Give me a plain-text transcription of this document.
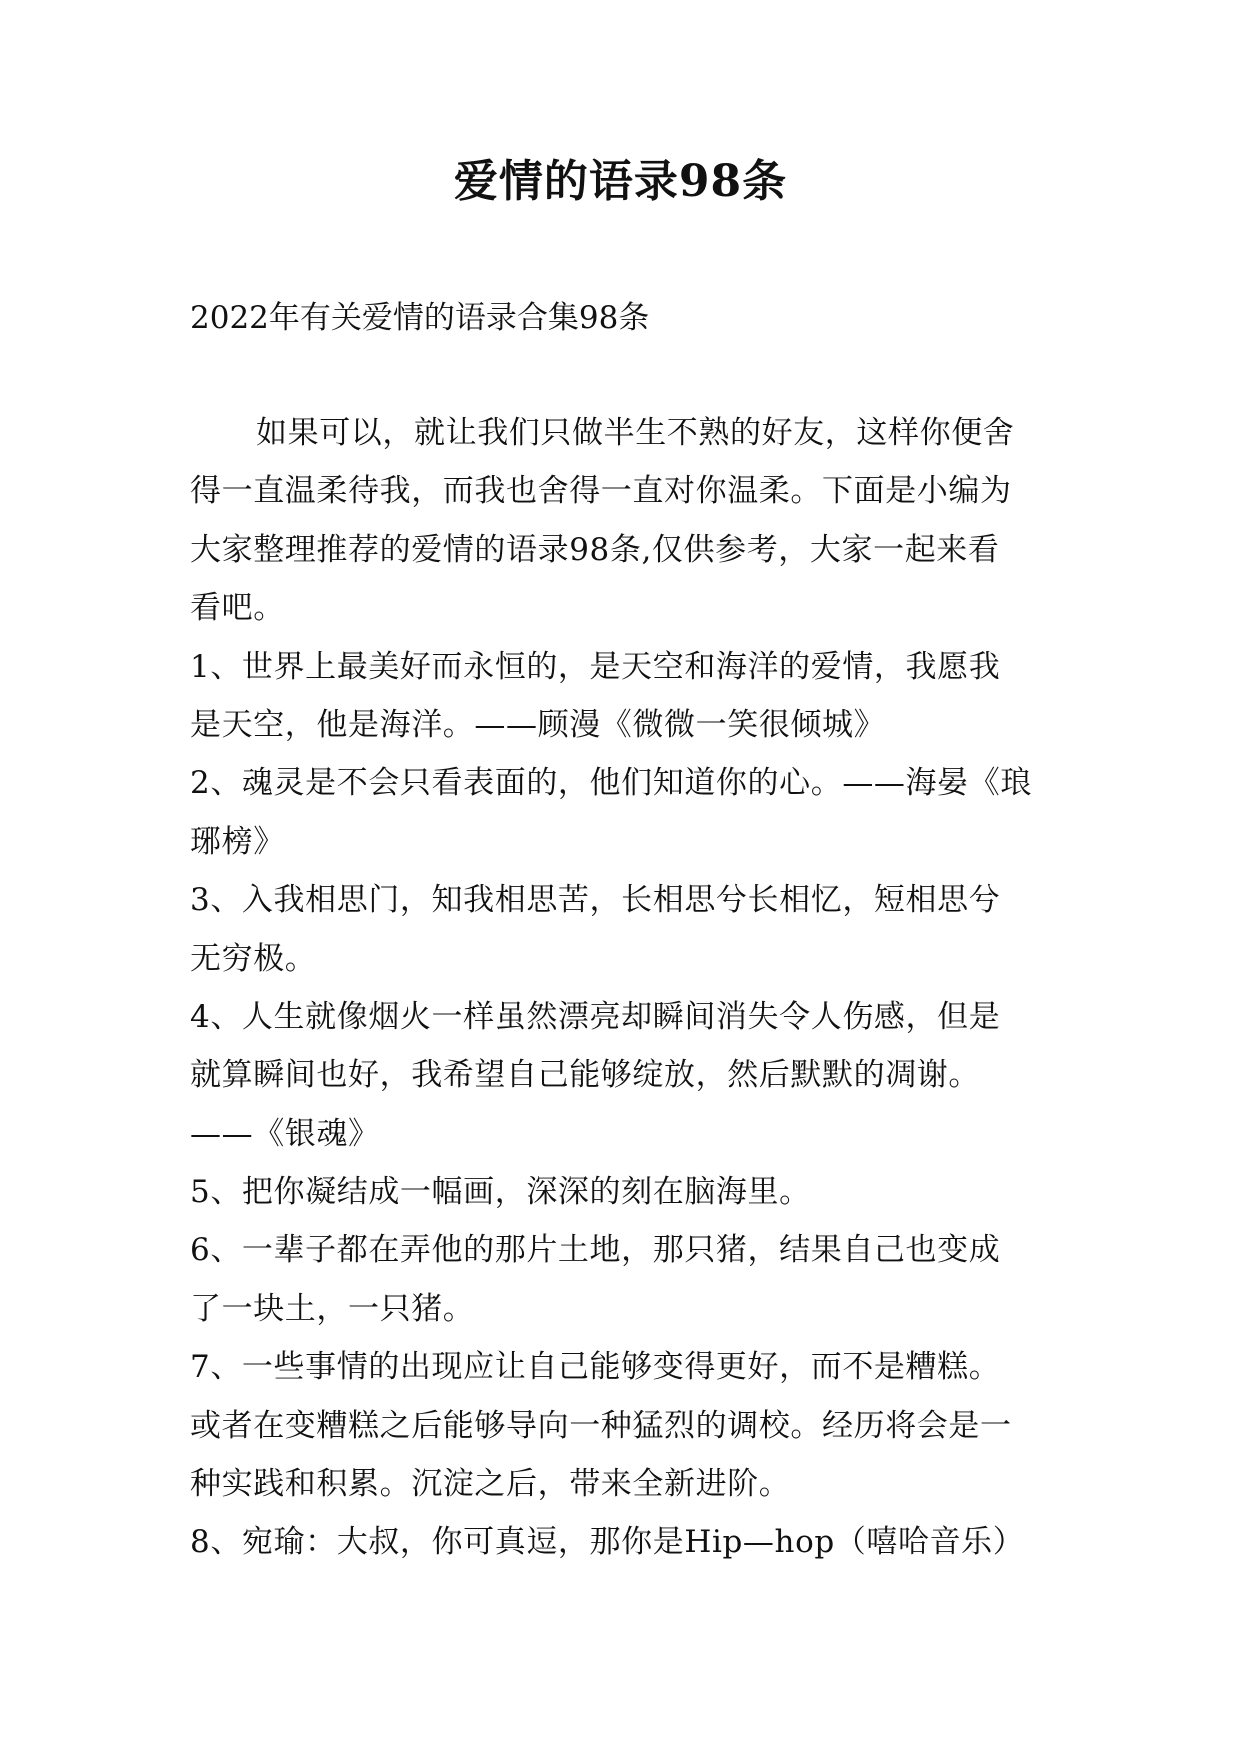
爱情的语录98条
2022年有关爱情的语录合集98条
如果可以，就让我们只做半生不熟的好友，这样你便舍
得一直温柔待我，而我也舍得一直对你温柔。下面是小编为
大家整理推荐的爱情的语录98条,仅供参考，大家一起来看
看吧。
1、世界上最美好而永恒的，是天空和海洋的爱情，我愿我
是天空，他是海洋。——顾漫《微微一笑很倾城》
2、魂灵是不会只看表面的，他们知道你的心。——海晏《琅
琊榜》
3、入我相思门，知我相思苦，长相思兮长相忆，短相思兮
无穷极。
4、人生就像烟火一样虽然漂亮却瞬间消失令人伤感，但是
就算瞬间也好，我希望自己能够绽放，然后默默的凋谢。
——《银魂》
5、把你凝结成一幅画，深深的刻在脑海里。
6、一辈子都在弄他的那片土地，那只猪，结果自己也变成
了一块土，一只猪。
7、一些事情的出现应让自己能够变得更好，而不是糟糕。
或者在变糟糕之后能够导向一种猛烈的调校。经历将会是一
种实践和积累。沉淀之后，带来全新进阶。
8、宛瑜：大叔，你可真逗，那你是Hip—hop（嘻哈音乐）
